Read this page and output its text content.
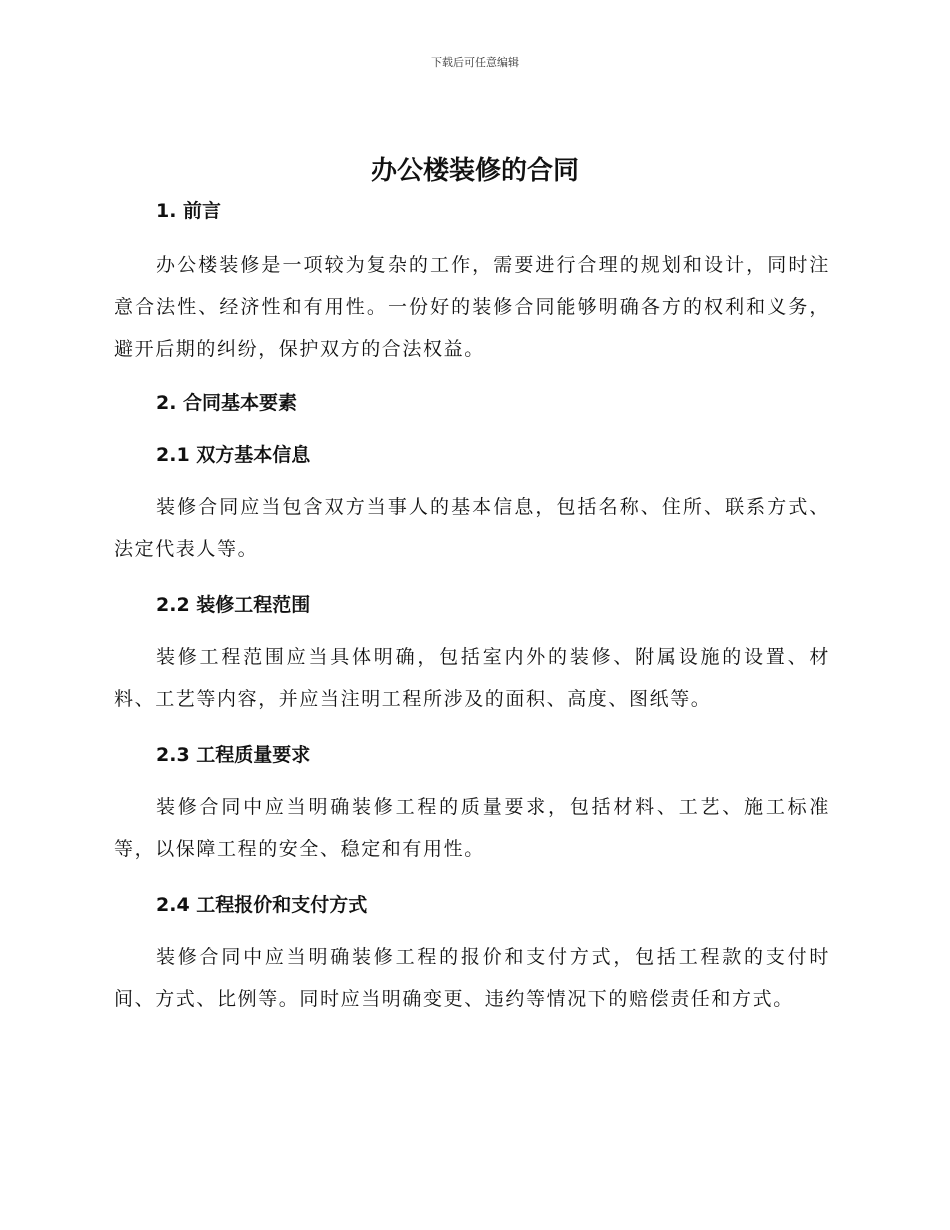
下载后可任意编辑
办公楼装修的合同
1. 前言

办公楼装修是一项较为复杂的工作，需要进行合理的规划和设计，同时注意合法性、经济性和有用性。一份好的装修合同能够明确各方的权利和义务，避开后期的纠纷，保护双方的合法权益。

2. 合同基本要素
2.1 双方基本信息

装修合同应当包含双方当事人的基本信息，包括名称、住所、联系方式、法定代表人等。

2.2 装修工程范围

装修工程范围应当具体明确，包括室内外的装修、附属设施的设置、材料、工艺等内容，并应当注明工程所涉及的面积、高度、图纸等。

2.3 工程质量要求

装修合同中应当明确装修工程的质量要求，包括材料、工艺、施工标准等，以保障工程的安全、稳定和有用性。

2.4 工程报价和支付方式

装修合同中应当明确装修工程的报价和支付方式，包括工程款的支付时间、方式、比例等。同时应当明确变更、违约等情况下的赔偿责任和方式。
